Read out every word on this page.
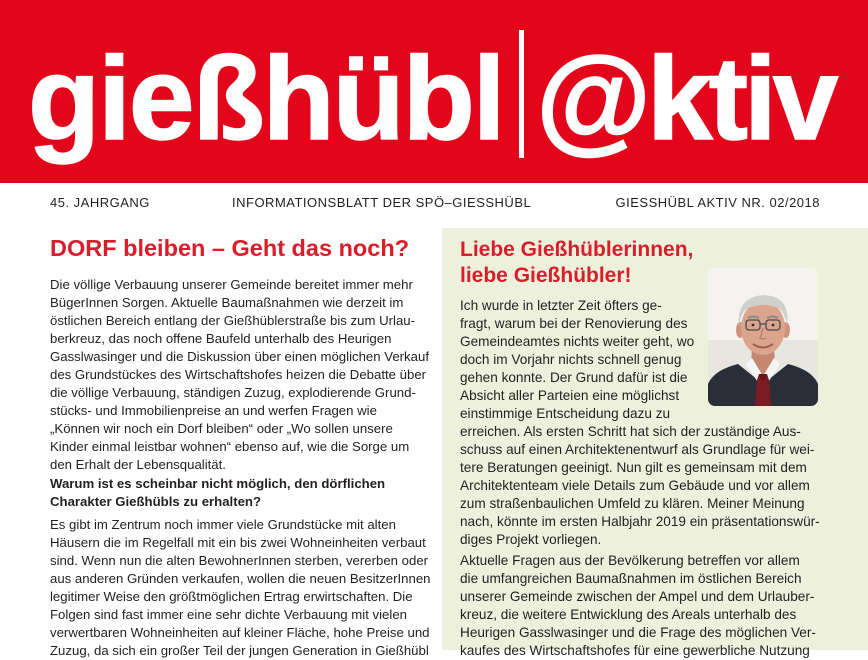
gießhübl @ktiv
45. JAHRGANG	INFORMATIONSBLATT DER SPÖ–GIESSHÜBL	GIESSHÜBL AKTIV NR. 02/2018
DORF bleiben – Geht das noch?
Die völlige Verbauung unserer Gemeinde bereitet immer mehr
BügerInnen Sorgen. Aktuelle Baumaßnahmen wie derzeit im
östlichen Bereich entlang der Gießhüblerstraße bis zum Urlau-
berkreuz, das noch offene Baufeld unterhalb des Heurigen
Gasslwasinger und die Diskussion über einen möglichen Verkauf
des Grundstückes des Wirtschaftshofes heizen die Debatte über
die völlige Verbauung, ständigen Zuzug, explodierende Grund-
stücks- und Immobilienpreise an und werfen Fragen wie
„Können wir noch ein Dorf bleiben“ oder „Wo sollen unsere
Kinder einmal leistbar wohnen“ ebenso auf, wie die Sorge um
den Erhalt der Lebensqualität.
Warum ist es scheinbar nicht möglich, den dörflichen
Charakter Gießhübls zu erhalten?
Es gibt im Zentrum noch immer viele Grundstücke mit alten
Häusern die im Regelfall mit ein bis zwei Wohneinheiten verbaut
sind. Wenn nun die alten BewohnerInnen sterben, vererben oder
aus anderen Gründen verkaufen, wollen die neuen BesitzerInnen
legitimer Weise den größtmöglichen Ertrag erwirtschaften. Die
Folgen sind fast immer eine sehr dichte Verbauung mit vielen
verwertbaren Wohneinheiten auf kleiner Fläche, hohe Preise und
Zuzug, da sich ein großer Teil der jungen Generation in Gießhübl
Liebe Gießhüblerinnen,
liebe Gießhübler!
Ich wurde in letzter Zeit öfters ge-
fragt, warum bei der Renovierung des
Gemeindeamtes nichts weiter geht, wo
doch im Vorjahr nichts schnell genug
gehen konnte. Der Grund dafür ist die
Absicht aller Parteien eine möglichst
einstimmige Entscheidung dazu zu
erreichen. Als ersten Schritt hat sich der zuständige Aus-
schuss auf einen Architektenentwurf als Grundlage für wei-
tere Beratungen geeinigt. Nun gilt es gemeinsam mit dem
Architektenteam viele Details zum Gebäude und vor allem
zum straßenbaulichen Umfeld zu klären. Meiner Meinung
nach, könnte im ersten Halbjahr 2019 ein präsentationswür-
diges Projekt vorliegen.
Aktuelle Fragen aus der Bevölkerung betreffen vor allem
die umfangreichen Baumaßnahmen im östlichen Bereich
unserer Gemeinde zwischen der Ampel und dem Urlauber-
kreuz, die weitere Entwicklung des Areals unterhalb des
Heurigen Gasslwasinger und die Frage des möglichen Ver-
kaufes des Wirtschaftshofes für eine gewerbliche Nutzung
